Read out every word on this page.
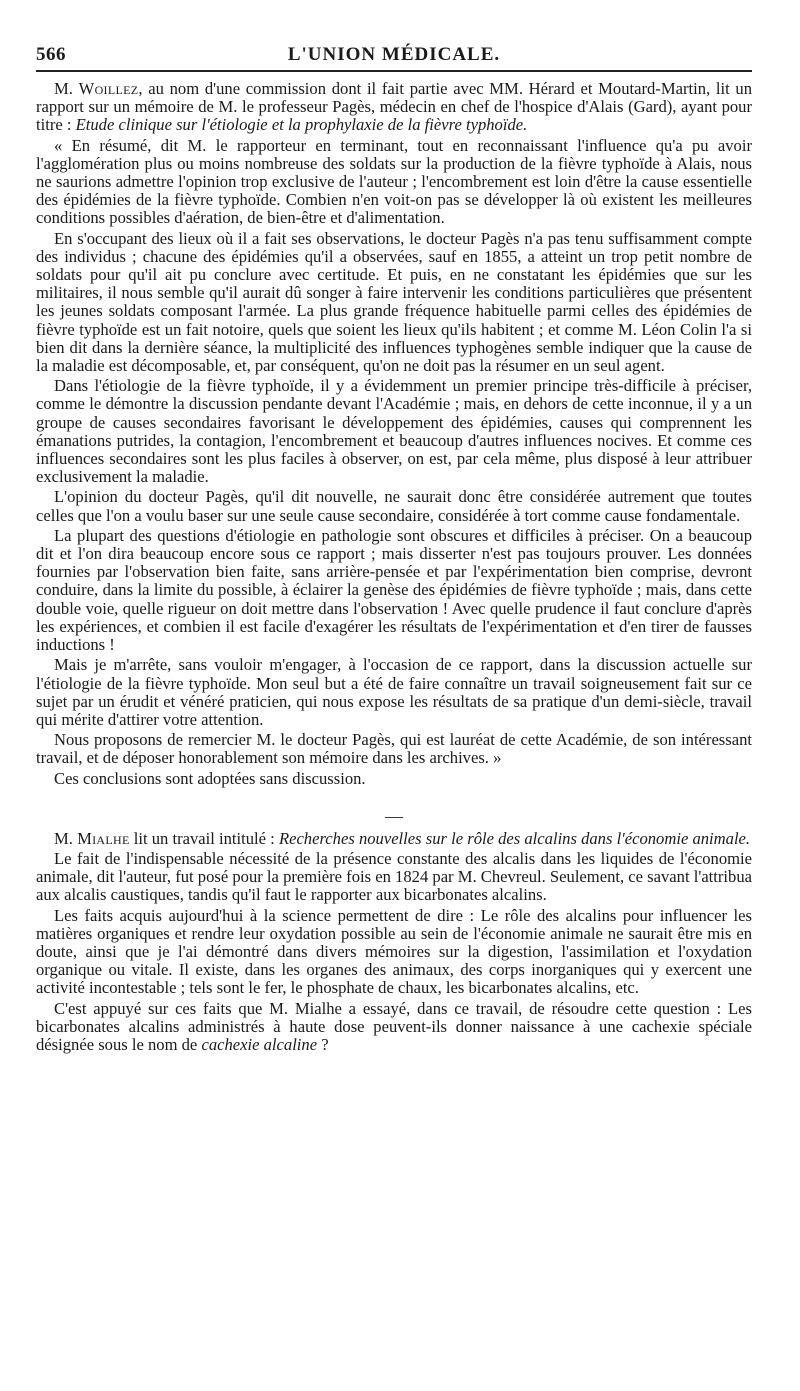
566	L'UNION MÉDICALE.

M. Woillez, au nom d'une commission dont il fait partie avec MM. Hérard et Moutard-Martin, lit un rapport sur un mémoire de M. le professeur Pagès, médecin en chef de l'hospice d'Alais (Gard), ayant pour titre : Etude clinique sur l'étiologie et la prophylaxie de la fièvre typhoïde.

« En résumé, dit M. le rapporteur en terminant, tout en reconnaissant l'influence qu'a pu avoir l'agglomération plus ou moins nombreuse des soldats sur la production de la fièvre typhoïde à Alais, nous ne saurions admettre l'opinion trop exclusive de l'auteur ; l'encombrement est loin d'être la cause essentielle des épidémies de la fièvre typhoïde. Combien n'en voit-on pas se développer là où existent les meilleures conditions possibles d'aération, de bien-être et d'alimentation.

En s'occupant des lieux où il a fait ses observations, le docteur Pagès n'a pas tenu suffisamment compte des individus ; chacune des épidémies qu'il a observées, sauf en 1855, a atteint un trop petit nombre de soldats pour qu'il ait pu conclure avec certitude. Et puis, en ne constatant les épidémies que sur les militaires, il nous semble qu'il aurait dû songer à faire intervenir les conditions particulières que présentent les jeunes soldats composant l'armée. La plus grande fréquence habituelle parmi celles des épidémies de fièvre typhoïde est un fait notoire, quels que soient les lieux qu'ils habitent ; et comme M. Léon Colin l'a si bien dit dans la dernière séance, la multiplicité des influences typhogènes semble indiquer que la cause de la maladie est décomposable, et, par conséquent, qu'on ne doit pas la résumer en un seul agent.

Dans l'étiologie de la fièvre typhoïde, il y a évidemment un premier principe très-difficile à préciser, comme le démontre la discussion pendante devant l'Académie ; mais, en dehors de cette inconnue, il y a un groupe de causes secondaires favorisant le développement des épidémies, causes qui comprennent les émanations putrides, la contagion, l'encombrement et beaucoup d'autres influences nocives. Et comme ces influences secondaires sont les plus faciles à observer, on est, par cela même, plus disposé à leur attribuer exclusivement la maladie.

L'opinion du docteur Pagès, qu'il dit nouvelle, ne saurait donc être considérée autrement que toutes celles que l'on a voulu baser sur une seule cause secondaire, considérée à tort comme cause fondamentale.

La plupart des questions d'étiologie en pathologie sont obscures et difficiles à préciser. On a beaucoup dit et l'on dira beaucoup encore sous ce rapport ; mais disserter n'est pas toujours prouver. Les données fournies par l'observation bien faite, sans arrière-pensée et par l'expérimentation bien comprise, devront conduire, dans la limite du possible, à éclairer la genèse des épidémies de fièvre typhoïde ; mais, dans cette double voie, quelle rigueur on doit mettre dans l'observation ! Avec quelle prudence il faut conclure d'après les expériences, et combien il est facile d'exagérer les résultats de l'expérimentation et d'en tirer de fausses inductions !

Mais je m'arrête, sans vouloir m'engager, à l'occasion de ce rapport, dans la discussion actuelle sur l'étiologie de la fièvre typhoïde. Mon seul but a été de faire connaître un travail soigneusement fait sur ce sujet par un érudit et vénéré praticien, qui nous expose les résultats de sa pratique d'un demi-siècle, travail qui mérite d'attirer votre attention.

Nous proposons de remercier M. le docteur Pagès, qui est lauréat de cette Académie, de son intéressant travail, et de déposer honorablement son mémoire dans les archives. »

Ces conclusions sont adoptées sans discussion.

—

M. Mialhe lit un travail intitulé : Recherches nouvelles sur le rôle des alcalins dans l'économie animale.

Le fait de l'indispensable nécessité de la présence constante des alcalis dans les liquides de l'économie animale, dit l'auteur, fut posé pour la première fois en 1824 par M. Chevreul. Seulement, ce savant l'attribua aux alcalis caustiques, tandis qu'il faut le rapporter aux bicarbonates alcalins.

Les faits acquis aujourd'hui à la science permettent de dire : Le rôle des alcalins pour influencer les matières organiques et rendre leur oxydation possible au sein de l'économie animale ne saurait être mis en doute, ainsi que je l'ai démontré dans divers mémoires sur la digestion, l'assimilation et l'oxydation organique ou vitale. Il existe, dans les organes des animaux, des corps inorganiques qui y exercent une activité incontestable ; tels sont le fer, le phosphate de chaux, les bicarbonates alcalins, etc.

C'est appuyé sur ces faits que M. Mialhe a essayé, dans ce travail, de résoudre cette question : Les bicarbonates alcalins administrés à haute dose peuvent-ils donner naissance à une cachexie spéciale désignée sous le nom de cachexie alcaline ?
